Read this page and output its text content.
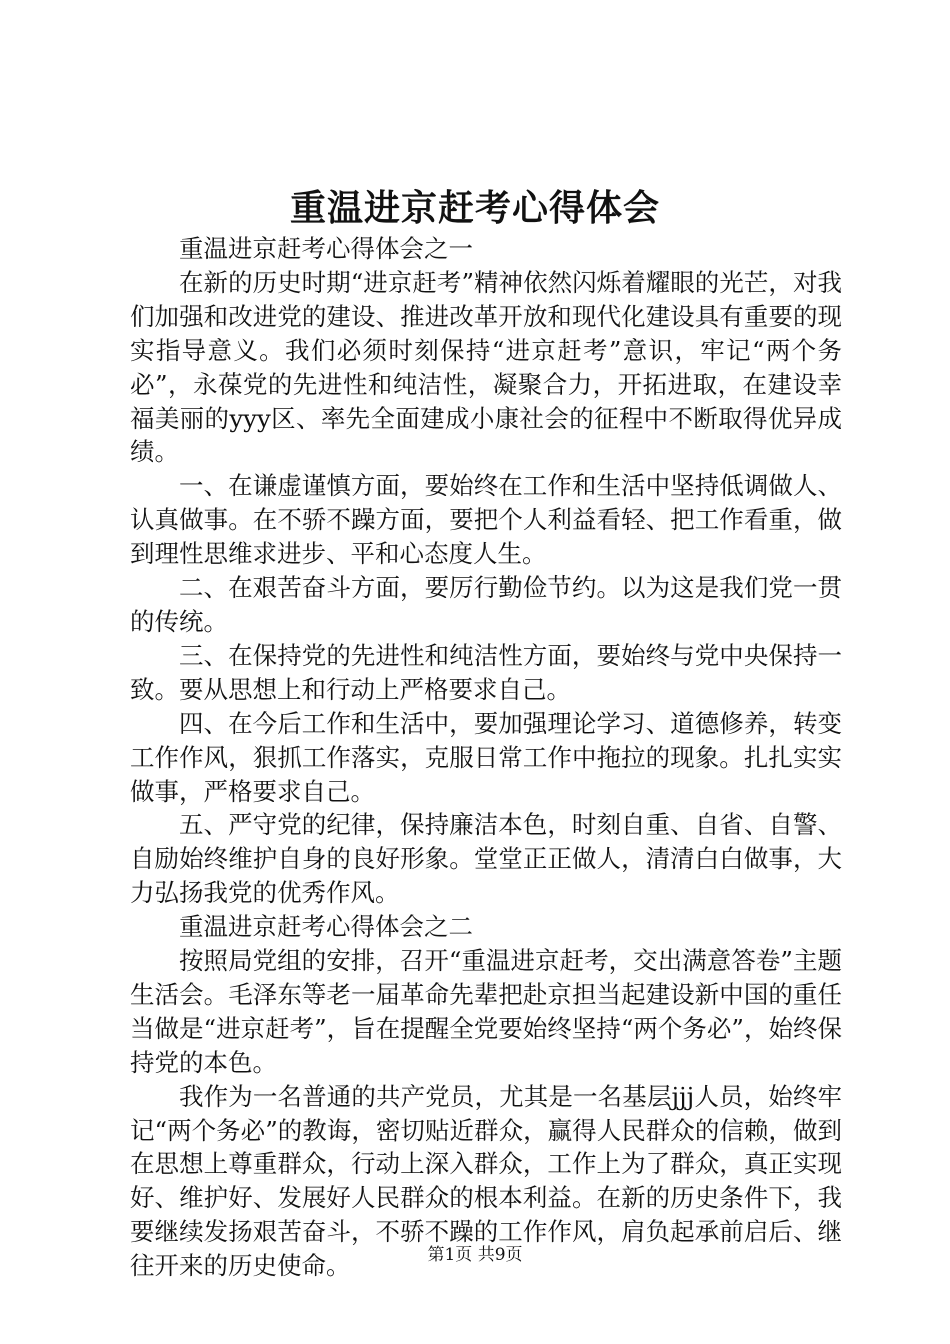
重温进京赶考心得体会

重温进京赶考心得体会之一

在新的历史时期“进京赶考”精神依然闪烁着耀眼的光芒，对我们加强和改进党的建设、推进改革开放和现代化建设具有重要的现实指导意义。我们必须时刻保持“进京赶考”意识，牢记“两个务必”，永葆党的先进性和纯洁性，凝聚合力，开拓进取，在建设幸福美丽的yyy区、率先全面建成小康社会的征程中不断取得优异成绩。

一、在谦虚谨慎方面，要始终在工作和生活中坚持低调做人、认真做事。在不骄不躁方面，要把个人利益看轻、把工作看重，做到理性思维求进步、平和心态度人生。

二、在艰苦奋斗方面，要厉行勤俭节约。以为这是我们党一贯的传统。

三、在保持党的先进性和纯洁性方面，要始终与党中央保持一致。要从思想上和行动上严格要求自己。

四、在今后工作和生活中，要加强理论学习、道德修养，转变工作作风，狠抓工作落实，克服日常工作中拖拉的现象。扎扎实实做事，严格要求自己。

五、严守党的纪律，保持廉洁本色，时刻自重、自省、自警、自励始终维护自身的良好形象。堂堂正正做人，清清白白做事，大力弘扬我党的优秀作风。

重温进京赶考心得体会之二

按照局党组的安排，召开“重温进京赶考，交出满意答卷”主题生活会。毛泽东等老一届革命先辈把赴京担当起建设新中国的重任当做是“进京赶考”，旨在提醒全党要始终坚持“两个务必”，始终保持党的本色。

我作为一名普通的共产党员，尤其是一名基层jjj人员，始终牢记“两个务必”的教诲，密切贴近群众，赢得人民群众的信赖，做到在思想上尊重群众，行动上深入群众，工作上为了群众，真正实现好、维护好、发展好人民群众的根本利益。在新的历史条件下，我要继续发扬艰苦奋斗，不骄不躁的工作作风，肩负起承前启后、继往开来的历史使命。	第1页 共9页
